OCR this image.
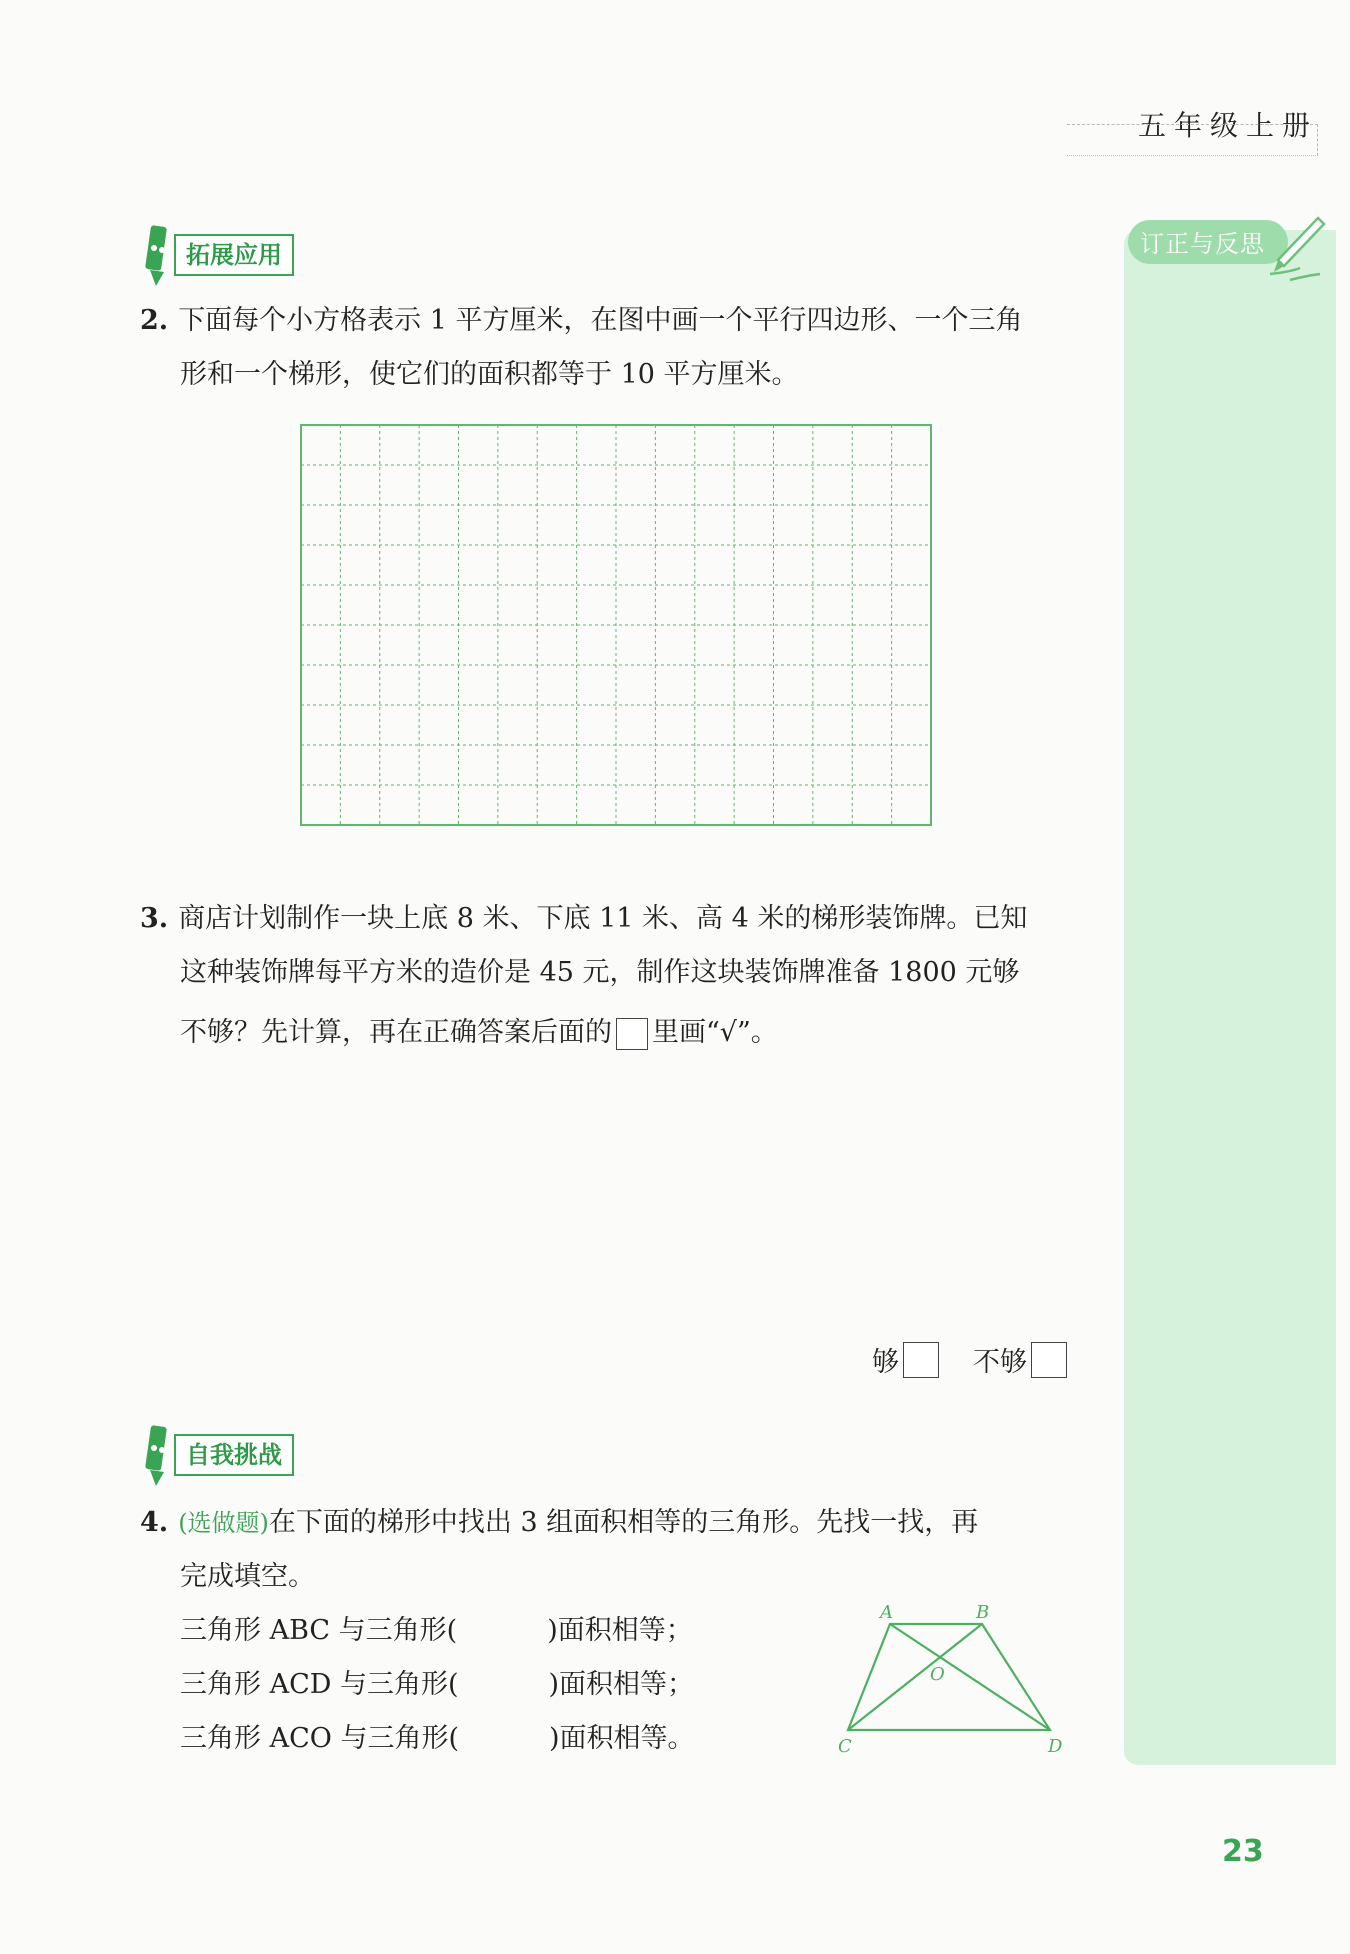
五年级上册
订正与反思
拓展应用
2. 下面每个小方格表示 1 平方厘米，在图中画一个平行四边形、一个三角
形和一个梯形，使它们的面积都等于 10 平方厘米。
3. 商店计划制作一块上底 8 米、下底 11 米、高 4 米的梯形装饰牌。已知
这种装饰牌每平方米的造价是 45 元，制作这块装饰牌准备 1800 元够
不够？先计算，再在正确答案后面的 里画“√”。
够	不够
自我挑战
4. (选做题)在下面的梯形中找出 3 组面积相等的三角形。先找一找，再
完成填空。
三角形 ABC 与三角形(	)面积相等；
三角形 ACD 与三角形(	)面积相等；
三角形 ACO 与三角形(	)面积相等。
A	B
C	D
O
23
